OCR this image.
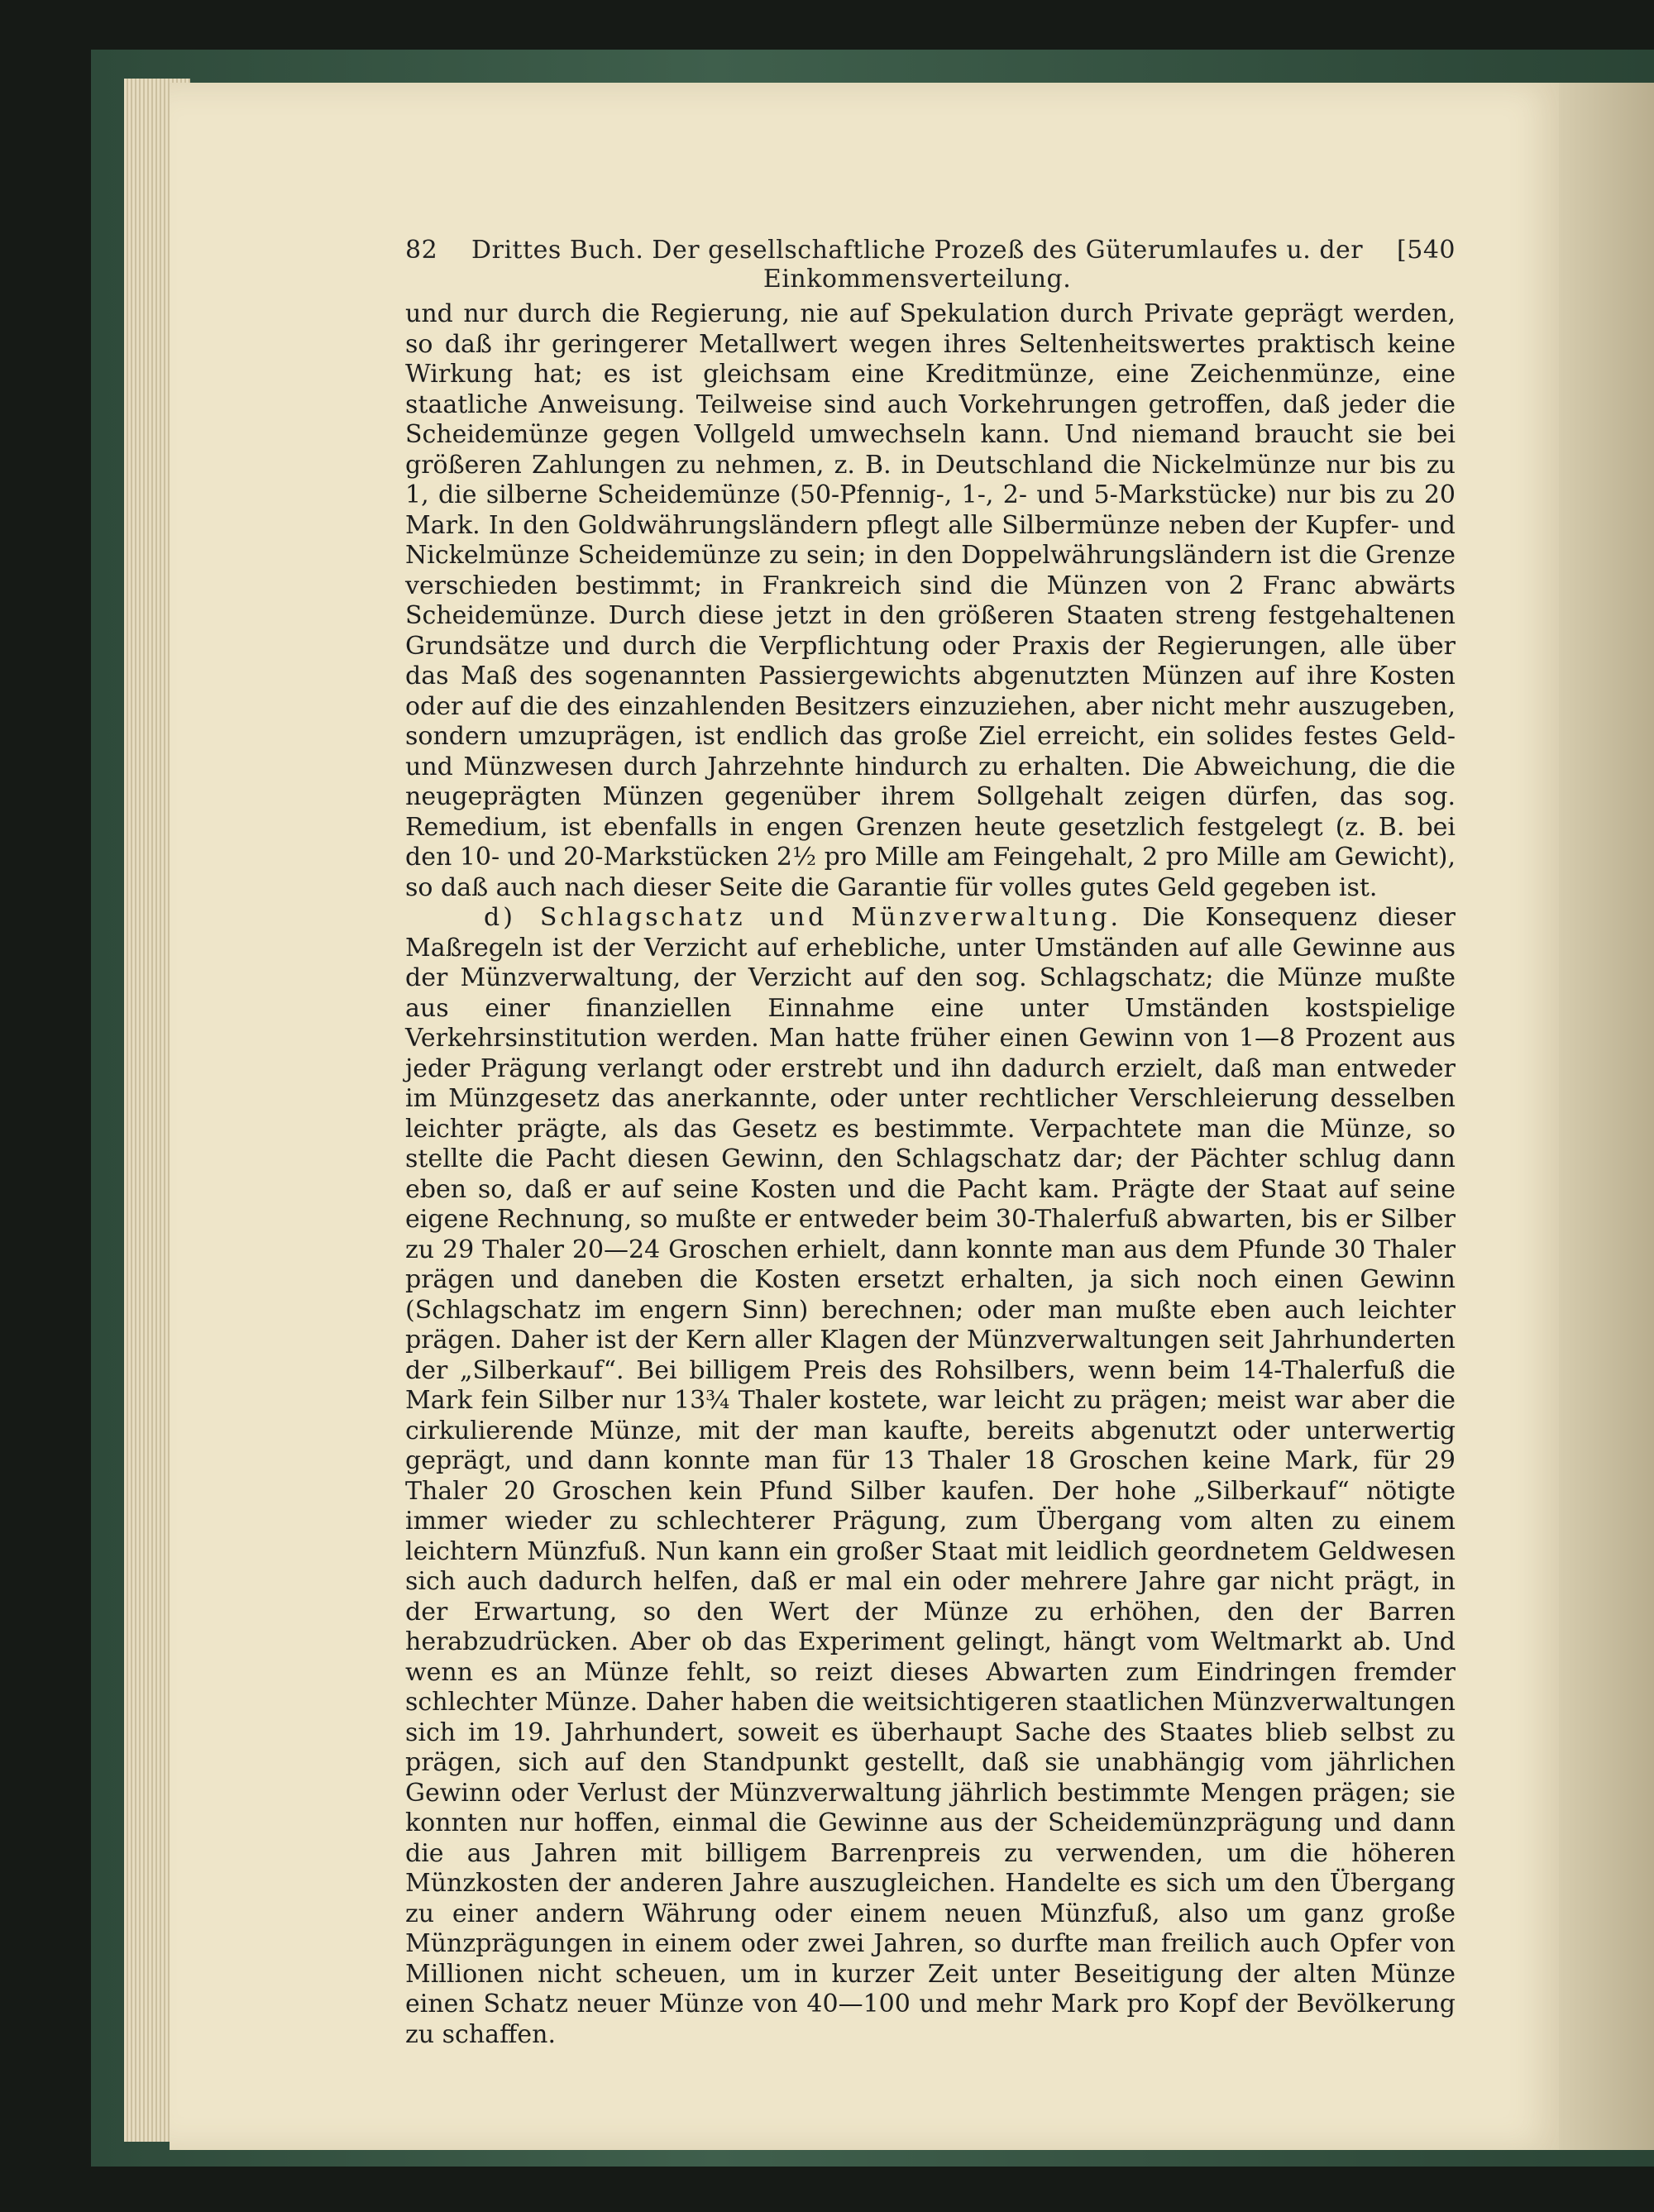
82	Drittes Buch. Der gesellschaftliche Prozeß des Güterumlaufes u. der Einkommensverteilung.
[540

und nur durch die Regierung, nie auf Spekulation durch Private geprägt werden, so daß ihr geringerer Metallwert wegen ihres Seltenheitswertes praktisch keine Wirkung hat; es ist gleichsam eine Kreditmünze, eine Zeichenmünze, eine staatliche Anweisung. Teilweise sind auch Vorkehrungen getroffen, daß jeder die Scheidemünze gegen Vollgeld umwechseln kann. Und niemand braucht sie bei größeren Zahlungen zu nehmen, z. B. in Deutschland die Nickelmünze nur bis zu 1, die silberne Scheidemünze (50-Pfennig-, 1-, 2- und 5-Markstücke) nur bis zu 20 Mark. In den Goldwährungsländern pflegt alle Silbermünze neben der Kupfer- und Nickelmünze Scheidemünze zu sein; in den Doppelwährungsländern ist die Grenze verschieden bestimmt; in Frankreich sind die Münzen von 2 Franc abwärts Scheidemünze. Durch diese jetzt in den größeren Staaten streng festgehaltenen Grundsätze und durch die Verpflichtung oder Praxis der Regierungen, alle über das Maß des sogenannten Passiergewichts abgenutzten Münzen auf ihre Kosten oder auf die des einzahlenden Besitzers einzuziehen, aber nicht mehr auszugeben, sondern umzuprägen, ist endlich das große Ziel erreicht, ein solides festes Geld- und Münzwesen durch Jahrzehnte hindurch zu erhalten. Die Abweichung, die die neugeprägten Münzen gegenüber ihrem Sollgehalt zeigen dürfen, das sog. Remedium, ist ebenfalls in engen Grenzen heute gesetzlich festgelegt (z. B. bei den 10- und 20-Markstücken 2½ pro Mille am Feingehalt, 2 pro Mille am Gewicht), so daß auch nach dieser Seite die Garantie für volles gutes Geld gegeben ist.

d) Schlagschatz und Münzverwaltung. Die Konsequenz dieser Maßregeln ist der Verzicht auf erhebliche, unter Umständen auf alle Gewinne aus der Münzverwaltung, der Verzicht auf den sog. Schlagschatz; die Münze mußte aus einer finanziellen Einnahme eine unter Umständen kostspielige Verkehrsinstitution werden. Man hatte früher einen Gewinn von 1—8 Prozent aus jeder Prägung verlangt oder erstrebt und ihn dadurch erzielt, daß man entweder im Münzgesetz das anerkannte, oder unter rechtlicher Verschleierung desselben leichter prägte, als das Gesetz es bestimmte. Verpachtete man die Münze, so stellte die Pacht diesen Gewinn, den Schlagschatz dar; der Pächter schlug dann eben so, daß er auf seine Kosten und die Pacht kam. Prägte der Staat auf seine eigene Rechnung, so mußte er entweder beim 30-Thalerfuß abwarten, bis er Silber zu 29 Thaler 20—24 Groschen erhielt, dann konnte man aus dem Pfunde 30 Thaler prägen und daneben die Kosten ersetzt erhalten, ja sich noch einen Gewinn (Schlagschatz im engern Sinn) berechnen; oder man mußte eben auch leichter prägen. Daher ist der Kern aller Klagen der Münzverwaltungen seit Jahrhunderten der „Silberkauf“. Bei billigem Preis des Rohsilbers, wenn beim 14-Thalerfuß die Mark fein Silber nur 13¾ Thaler kostete, war leicht zu prägen; meist war aber die cirkulierende Münze, mit der man kaufte, bereits abgenutzt oder unterwertig geprägt, und dann konnte man für 13 Thaler 18 Groschen keine Mark, für 29 Thaler 20 Groschen kein Pfund Silber kaufen. Der hohe „Silberkauf“ nötigte immer wieder zu schlechterer Prägung, zum Übergang vom alten zu einem leichtern Münzfuß. Nun kann ein großer Staat mit leidlich geordnetem Geldwesen sich auch dadurch helfen, daß er mal ein oder mehrere Jahre gar nicht prägt, in der Erwartung, so den Wert der Münze zu erhöhen, den der Barren herabzudrücken. Aber ob das Experiment gelingt, hängt vom Weltmarkt ab. Und wenn es an Münze fehlt, so reizt dieses Abwarten zum Eindringen fremder schlechter Münze. Daher haben die weitsichtigeren staatlichen Münzverwaltungen sich im 19. Jahrhundert, soweit es überhaupt Sache des Staates blieb selbst zu prägen, sich auf den Standpunkt gestellt, daß sie unabhängig vom jährlichen Gewinn oder Verlust der Münzverwaltung jährlich bestimmte Mengen prägen; sie konnten nur hoffen, einmal die Gewinne aus der Scheidemünzprägung und dann die aus Jahren mit billigem Barrenpreis zu verwenden, um die höheren Münzkosten der anderen Jahre auszugleichen. Handelte es sich um den Übergang zu einer andern Währung oder einem neuen Münzfuß, also um ganz große Münzprägungen in einem oder zwei Jahren, so durfte man freilich auch Opfer von Millionen nicht scheuen, um in kurzer Zeit unter Beseitigung der alten Münze einen Schatz neuer Münze von 40—100 und mehr Mark pro Kopf der Bevölkerung zu schaffen.
